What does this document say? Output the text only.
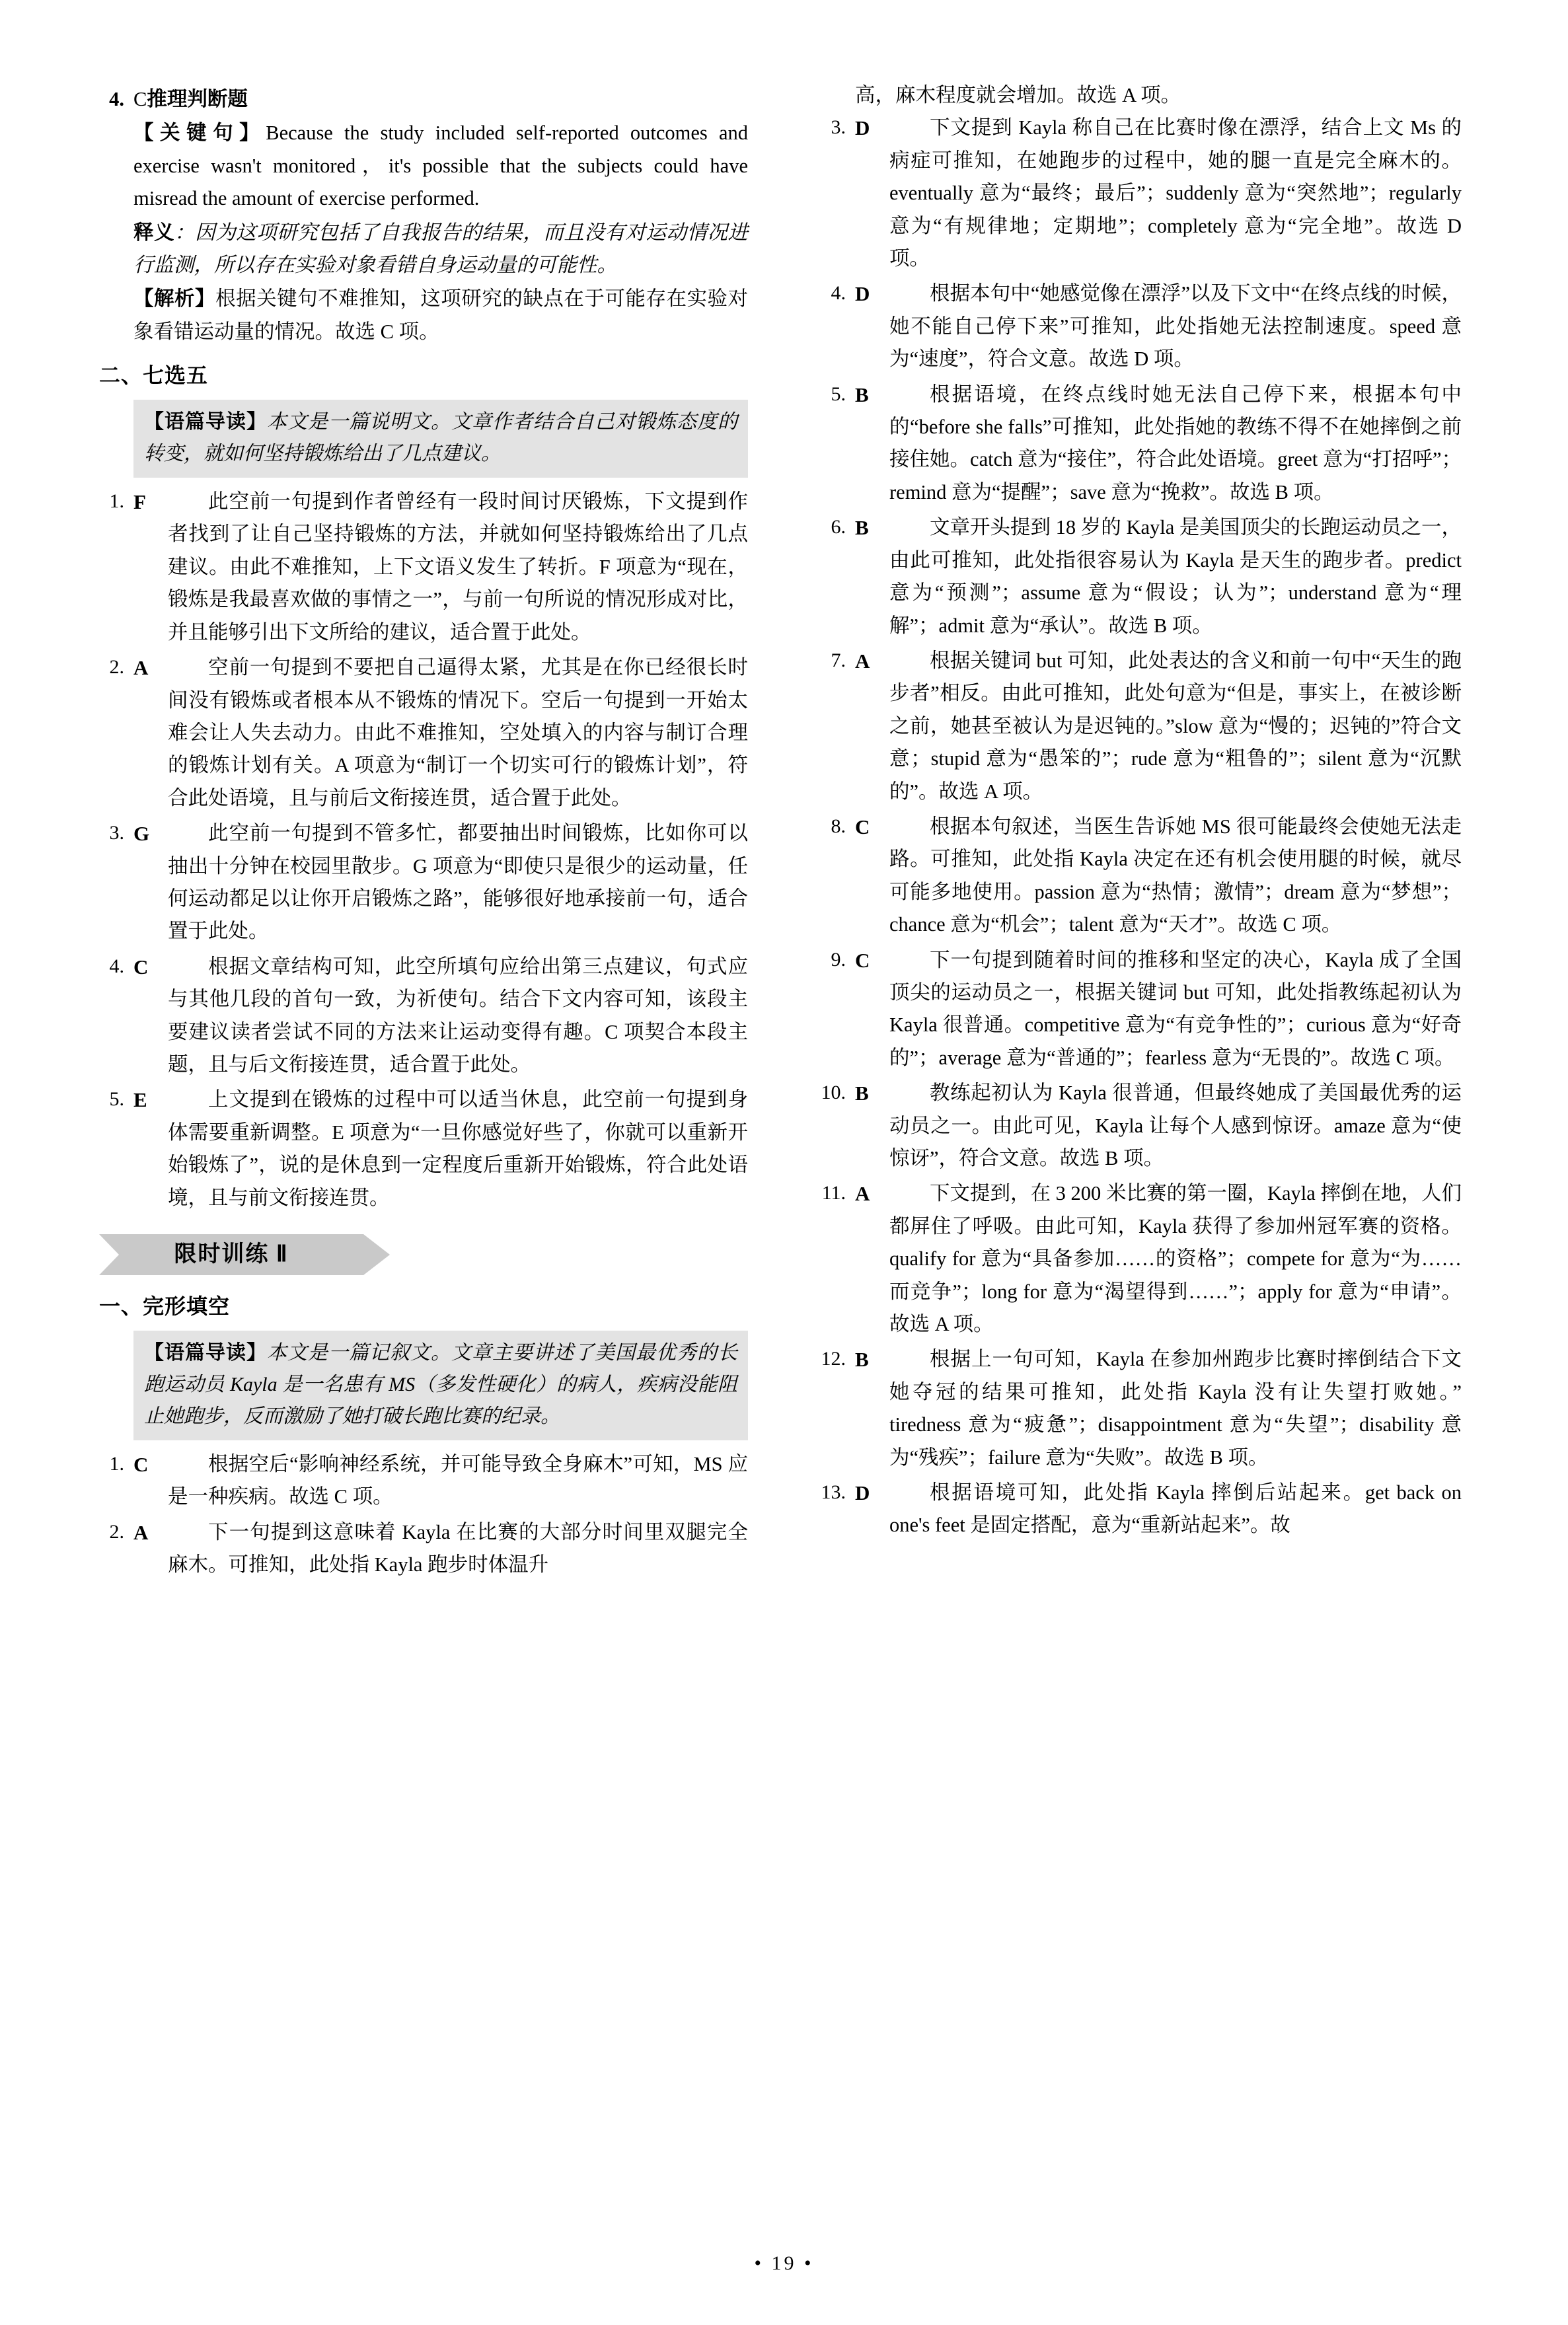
4. C 推理判断题

【关键句】Because the study included self-reported outcomes and exercise wasn't monitored，it's possible that the subjects could have misread the amount of exercise performed.

释义：因为这项研究包括了自我报告的结果，而且没有对运动情况进行监测，所以存在实验对象看错自身运动量的可能性。

【解析】根据关键句不难推知，这项研究的缺点在于可能存在实验对象看错运动量的情况。故选 C 项。

二、七选五
【语篇导读】本文是一篇说明文。文章作者结合自己对锻炼态度的转变，就如何坚持锻炼给出了几点建议。
1. F	此空前一句提到作者曾经有一段时间讨厌锻炼，下文提到作者找到了让自己坚持锻炼的方法，并就如何坚持锻炼给出了几点建议。由此不难推知，上下文语义发生了转折。F 项意为“现在，锻炼是我最喜欢做的事情之一”，与前一句所说的情况形成对比，并且能够引出下文所给的建议，适合置于此处。
2. A	空前一句提到不要把自己逼得太紧，尤其是在你已经很长时间没有锻炼或者根本从不锻炼的情况下。空后一句提到一开始太难会让人失去动力。由此不难推知，空处填入的内容与制订合理的锻炼计划有关。A 项意为“制订一个切实可行的锻炼计划”，符合此处语境，且与前后文衔接连贯，适合置于此处。
3. G	此空前一句提到不管多忙，都要抽出时间锻炼，比如你可以抽出十分钟在校园里散步。G 项意为“即使只是很少的运动量，任何运动都足以让你开启锻炼之路”，能够很好地承接前一句，适合置于此处。
4. C	根据文章结构可知，此空所填句应给出第三点建议，句式应与其他几段的首句一致，为祈使句。结合下文内容可知，该段主要建议读者尝试不同的方法来让运动变得有趣。C 项契合本段主题，且与后文衔接连贯，适合置于此处。
5. E	上文提到在锻炼的过程中可以适当休息，此空前一句提到身体需要重新调整。E 项意为“一旦你感觉好些了，你就可以重新开始锻炼了”，说的是休息到一定程度后重新开始锻炼，符合此处语境，且与前文衔接连贯。
限时训练 Ⅱ
一、完形填空
【语篇导读】本文是一篇记叙文。文章主要讲述了美国最优秀的长跑运动员 Kayla 是一名患有 MS（多发性硬化）的病人，疾病没能阻止她跑步，反而激励了她打破长跑比赛的纪录。
1. C	根据空后“影响神经系统，并可能导致全身麻木”可知，MS 应是一种疾病。故选 C 项。
2. A	下一句提到这意味着 Kayla 在比赛的大部分时间里双腿完全麻木。可推知，此处指 Kayla 跑步时体温升
高，麻木程度就会增加。故选 A 项。
3. D	下文提到 Kayla 称自己在比赛时像在漂浮，结合上文 Ms 的病症可推知，在她跑步的过程中，她的腿一直是完全麻木的。eventually 意为“最终；最后”；suddenly 意为“突然地”；regularly 意为“有规律地；定期地”；completely 意为“完全地”。故选 D 项。
4. D	根据本句中“她感觉像在漂浮”以及下文中“在终点线的时候，她不能自己停下来”可推知，此处指她无法控制速度。speed 意为“速度”，符合文意。故选 D 项。
5. B	根据语境，在终点线时她无法自己停下来，根据本句中的“before she falls”可推知，此处指她的教练不得不在她摔倒之前接住她。catch 意为“接住”，符合此处语境。greet 意为“打招呼”；remind 意为“提醒”；save 意为“挽救”。故选 B 项。
6. B	文章开头提到 18 岁的 Kayla 是美国顶尖的长跑运动员之一，由此可推知，此处指很容易认为 Kayla 是天生的跑步者。predict 意为“预测”；assume 意为“假设；认为”；understand 意为“理解”；admit 意为“承认”。故选 B 项。
7. A	根据关键词 but 可知，此处表达的含义和前一句中“天生的跑步者”相反。由此可推知，此处句意为“但是，事实上，在被诊断之前，她甚至被认为是迟钝的。”slow 意为“慢的；迟钝的”符合文意；stupid 意为“愚笨的”；rude 意为“粗鲁的”；silent 意为“沉默的”。故选 A 项。
8. C	根据本句叙述，当医生告诉她 MS 很可能最终会使她无法走路。可推知，此处指 Kayla 决定在还有机会使用腿的时候，就尽可能多地使用。passion 意为“热情；激情”；dream 意为“梦想”；chance 意为“机会”；talent 意为“天才”。故选 C 项。
9. C	下一句提到随着时间的推移和坚定的决心，Kayla 成了全国顶尖的运动员之一，根据关键词 but 可知，此处指教练起初认为 Kayla 很普通。competitive 意为“有竞争性的”；curious 意为“好奇的”；average 意为“普通的”；fearless 意为“无畏的”。故选 C 项。
10. B	教练起初认为 Kayla 很普通，但最终她成了美国最优秀的运动员之一。由此可见，Kayla 让每个人感到惊讶。amaze 意为“使惊讶”，符合文意。故选 B 项。
11. A	下文提到，在 3 200 米比赛的第一圈，Kayla 摔倒在地，人们都屏住了呼吸。由此可知，Kayla 获得了参加州冠军赛的资格。qualify for 意为“具备参加……的资格”；compete for 意为“为……而竞争”；long for 意为“渴望得到……”；apply for 意为“申请”。故选 A 项。
12. B	根据上一句可知，Kayla 在参加州跑步比赛时摔倒结合下文她夺冠的结果可推知，此处指 Kayla 没有让失望打败她。” tiredness 意为“疲惫”；disappointment 意为“失望”；disability 意为“残疾”；failure 意为“失败”。故选 B 项。
13. D	根据语境可知，此处指 Kayla 摔倒后站起来。get back on one's feet 是固定搭配，意为“重新站起来”。故
• 19 •
